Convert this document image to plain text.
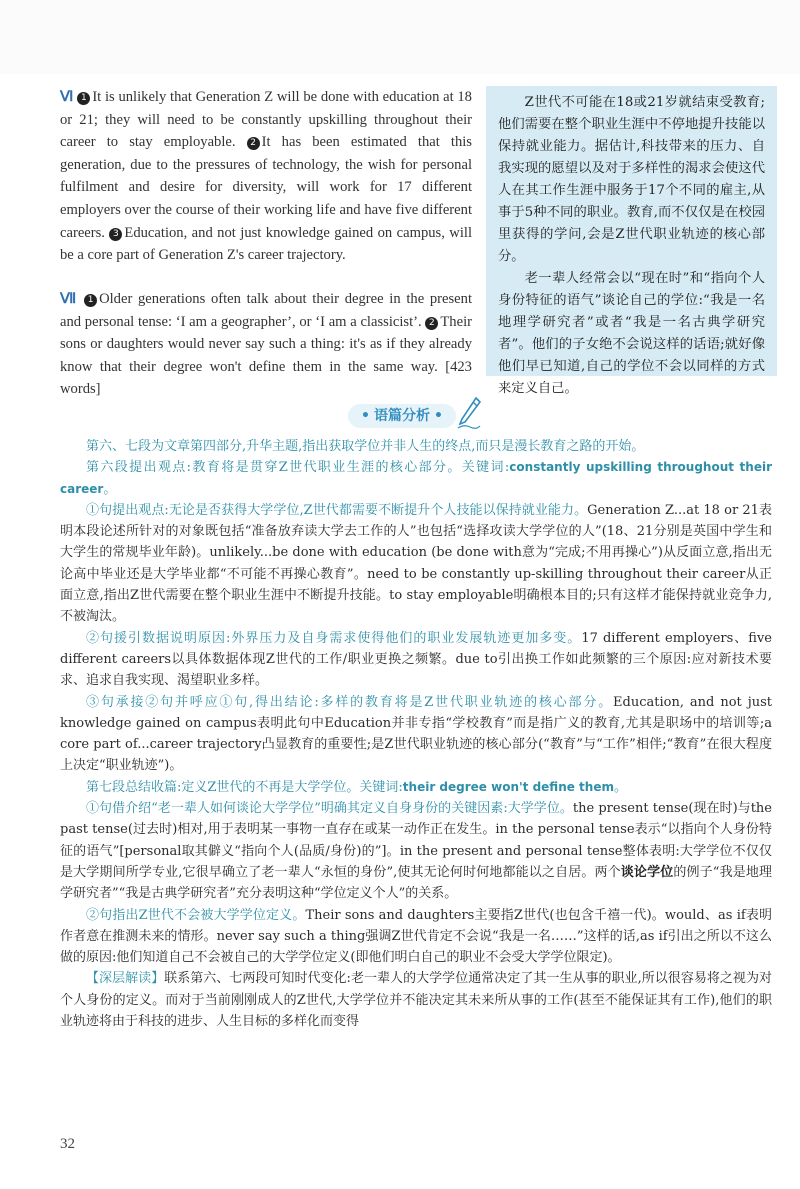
Ⅵ 1 It is unlikely that Generation Z will be done with education at 18 or 21; they will need to be constantly upskilling throughout their career to stay employable. 2 It has been estimated that this generation, due to the pressures of technology, the wish for personal fulfilment and desire for diversity, will work for 17 different employers over the course of their working life and have five different careers. 3 Education, and not just knowledge gained on campus, will be a core part of Generation Z's career trajectory.

Ⅶ 1 Older generations often talk about their degree in the present and personal tense: ‘I am a geographer’, or ‘I am a classicist’. 2 Their sons or daughters would never say such a thing: it's as if they already know that their degree won't define them in the same way. [423 words]

Z世代不可能在18或21岁就结束受教育;他们需要在整个职业生涯中不停地提升技能以保持就业能力。据估计,科技带来的压力、自我实现的愿望以及对于多样性的渴求会使这代人在其工作生涯中服务于17个不同的雇主,从事于5种不同的职业。教育,而不仅仅是在校园里获得的学问,会是Z世代职业轨迹的核心部分。

老一辈人经常会以“现在时”和“指向个人身份特征的语气”谈论自己的学位:“我是一名地理学研究者”或者“我是一名古典学研究者”。他们的子女绝不会说这样的话语;就好像他们早已知道,自己的学位不会以同样的方式来定义自己。

• 语篇分析 •

第六、七段为文章第四部分,升华主题,指出获取学位并非人生的终点,而只是漫长教育之路的开始。

第六段提出观点:教育将是贯穿Z世代职业生涯的核心部分。关键词:constantly upskilling throughout their career。

①句提出观点:无论是否获得大学学位,Z世代都需要不断提升个人技能以保持就业能力。Generation Z...at 18 or 21表明本段论述所针对的对象既包括“准备放弃读大学去工作的人”也包括“选择攻读大学学位的人”(18、21分别是英国中学生和大学生的常规毕业年龄)。unlikely...be done with education (be done with意为“完成;不用再操心”)从反面立意,指出无论高中毕业还是大学毕业都“不可能不再操心教育”。need to be constantly up-skilling throughout their career从正面立意,指出Z世代需要在整个职业生涯中不断提升技能。to stay employable明确根本目的;只有这样才能保持就业竞争力,不被淘汰。

②句援引数据说明原因:外界压力及自身需求使得他们的职业发展轨迹更加多变。17 different employers、five different careers以具体数据体现Z世代的工作/职业更换之频繁。due to引出换工作如此频繁的三个原因:应对新技术要求、追求自我实现、渴望职业多样。

③句承接②句并呼应①句,得出结论:多样的教育将是Z世代职业轨迹的核心部分。Education, and not just knowledge gained on campus表明此句中Education并非专指“学校教育”而是指广义的教育,尤其是职场中的培训等;a core part of...career trajectory凸显教育的重要性;是Z世代职业轨迹的核心部分(“教育”与“工作”相伴;“教育”在很大程度上决定“职业轨迹”)。

第七段总结收篇:定义Z世代的不再是大学学位。关键词:their degree won't define them。

①句借介绍“老一辈人如何谈论大学学位”明确其定义自身身份的关键因素:大学学位。the present tense(现在时)与the past tense(过去时)相对,用于表明某一事物一直存在或某一动作正在发生。in the personal tense表示“以指向个人身份特征的语气”[personal取其僻义“指向个人(品质/身份)的”]。in the present and personal tense整体表明:大学学位不仅仅是大学期间所学专业,它很早确立了老一辈人“永恒的身份”,使其无论何时何地都能以之自居。两个谈论学位的例子“我是地理学研究者”“我是古典学研究者”充分表明这种“学位定义个人”的关系。

②句指出Z世代不会被大学学位定义。Their sons and daughters主要指Z世代(也包含千禧一代)。would、as if表明作者意在推测未来的情形。never say such a thing强调Z世代肯定不会说“我是一名……”这样的话,as if引出之所以不这么做的原因:他们知道自己不会被自己的大学学位定义(即他们明白自己的职业不会受大学学位限定)。

【深层解读】联系第六、七两段可知时代变化:老一辈人的大学学位通常决定了其一生从事的职业,所以很容易将之视为对个人身份的定义。而对于当前刚刚成人的Z世代,大学学位并不能决定其未来所从事的工作(甚至不能保证其有工作),他们的职业轨迹将由于科技的进步、人生目标的多样化而变得

32
